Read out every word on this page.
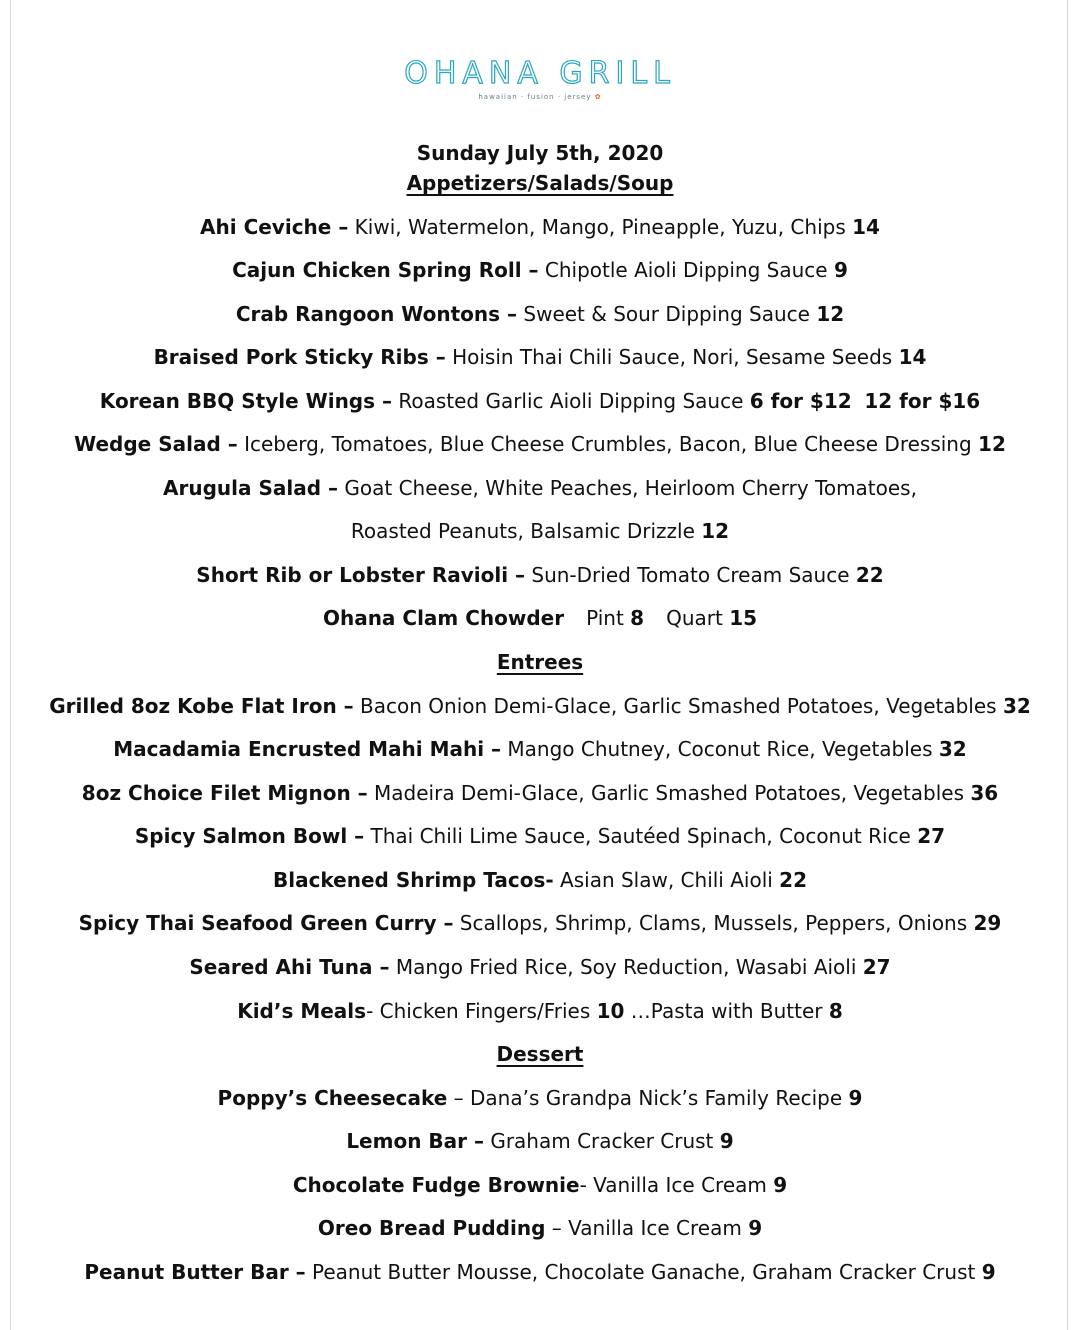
OHANA GRILL
hawaiian · fusion · jersey ✿
Sunday July 5th, 2020
Appetizers/Salads/Soup
Ahi Ceviche – Kiwi, Watermelon, Mango, Pineapple, Yuzu, Chips 14
Cajun Chicken Spring Roll – Chipotle Aioli Dipping Sauce 9
Crab Rangoon Wontons – Sweet & Sour Dipping Sauce 12
Braised Pork Sticky Ribs – Hoisin Thai Chili Sauce, Nori, Sesame Seeds 14
Korean BBQ Style Wings – Roasted Garlic Aioli Dipping Sauce 6 for $12 12 for $16
Wedge Salad – Iceberg, Tomatoes, Blue Cheese Crumbles, Bacon, Blue Cheese Dressing 12
Arugula Salad – Goat Cheese, White Peaches, Heirloom Cherry Tomatoes,
Roasted Peanuts, Balsamic Drizzle 12
Short Rib or Lobster Ravioli – Sun-Dried Tomato Cream Sauce 22
Ohana Clam Chowder Pint 8 Quart 15
Entrees
Grilled 8oz Kobe Flat Iron – Bacon Onion Demi-Glace, Garlic Smashed Potatoes, Vegetables 32
Macadamia Encrusted Mahi Mahi – Mango Chutney, Coconut Rice, Vegetables 32
8oz Choice Filet Mignon – Madeira Demi-Glace, Garlic Smashed Potatoes, Vegetables 36
Spicy Salmon Bowl – Thai Chili Lime Sauce, Sautéed Spinach, Coconut Rice 27
Blackened Shrimp Tacos- Asian Slaw, Chili Aioli 22
Spicy Thai Seafood Green Curry – Scallops, Shrimp, Clams, Mussels, Peppers, Onions 29
Seared Ahi Tuna – Mango Fried Rice, Soy Reduction, Wasabi Aioli 27
Kid’s Meals- Chicken Fingers/Fries 10 …Pasta with Butter 8
Dessert
Poppy’s Cheesecake – Dana’s Grandpa Nick’s Family Recipe 9
Lemon Bar – Graham Cracker Crust 9
Chocolate Fudge Brownie- Vanilla Ice Cream 9
Oreo Bread Pudding – Vanilla Ice Cream 9
Peanut Butter Bar – Peanut Butter Mousse, Chocolate Ganache, Graham Cracker Crust 9
